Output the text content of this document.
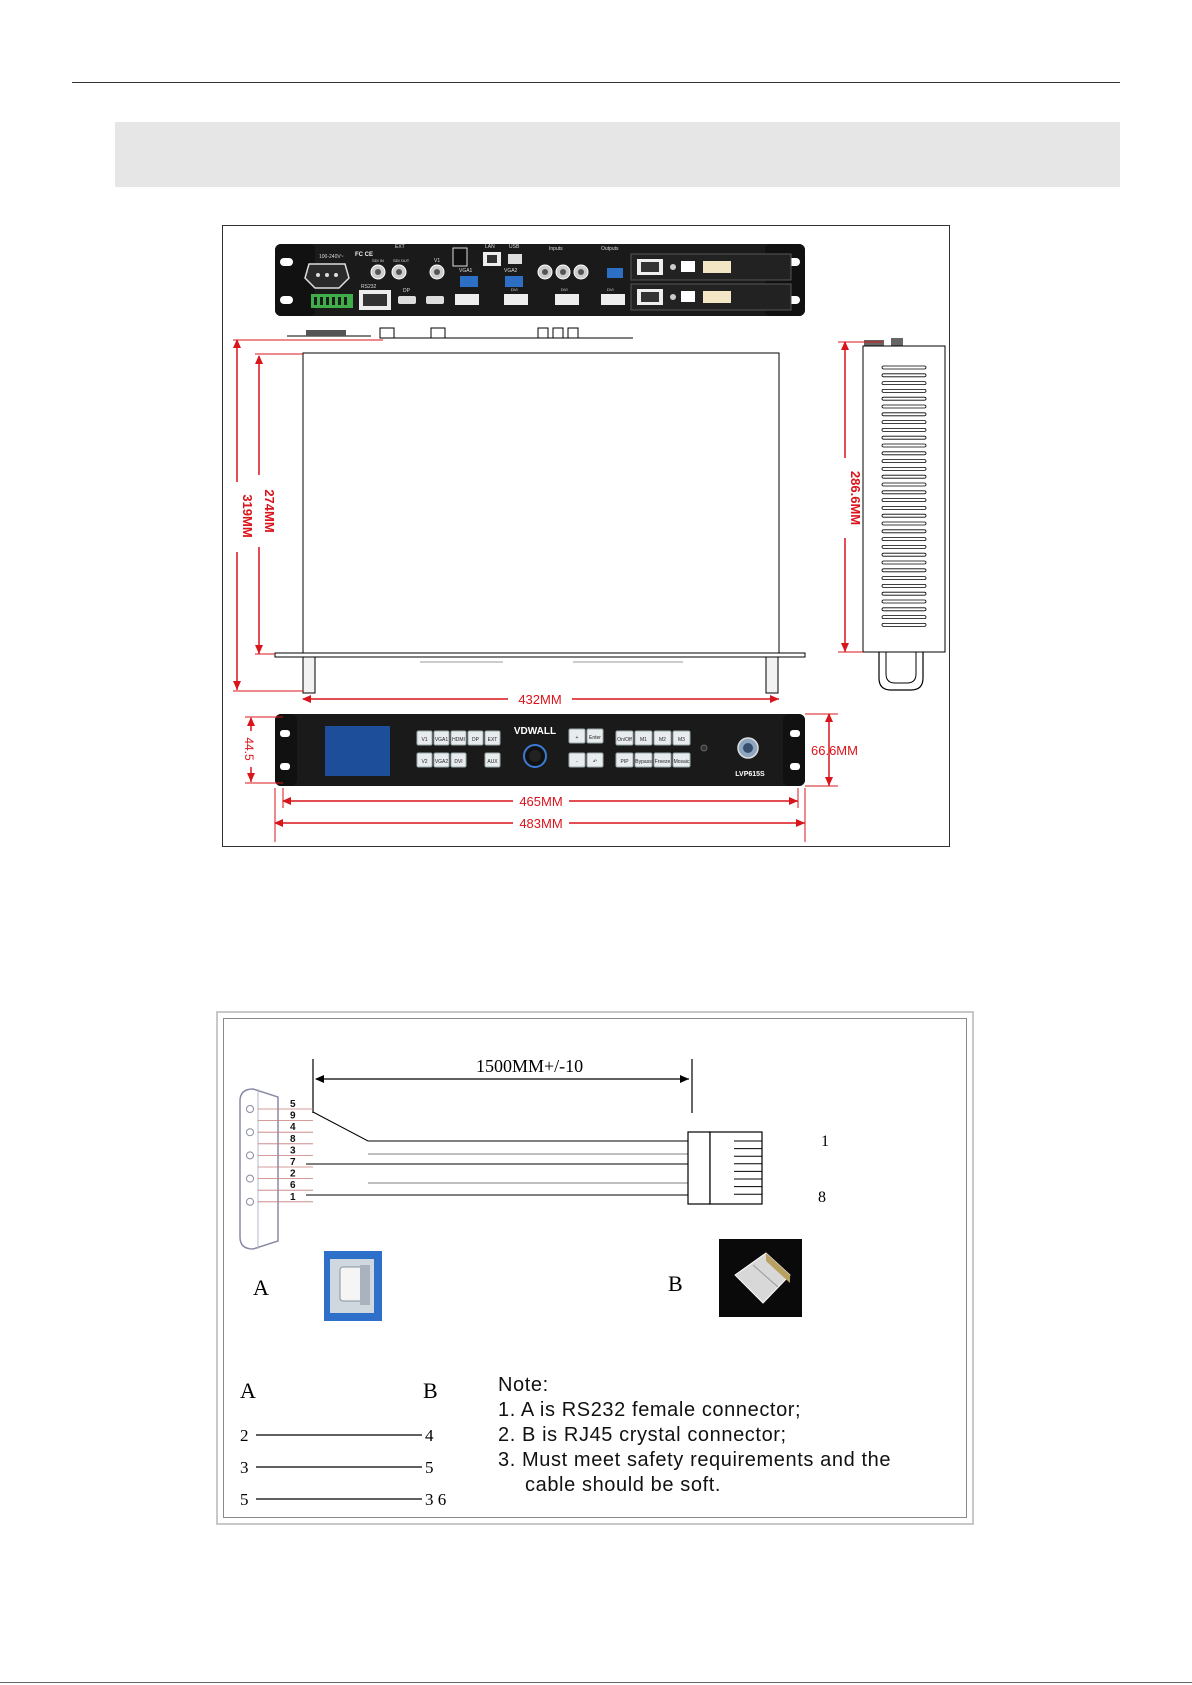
100-240V~ FC CE
RS232
EXT
SDI IN SDI OUT	V1
DP
LAN	USB
VGA1	VGA2
DVI	DVI	DVI
Inputs	Outputs
319MM 274MM
432MM
286.6MM
V1 VGA1 HDMI DP EXT
V2 VGA2 DVI	AUX
+ Enter
-	↶
On/Off M1 M2 M3
PIP Bypass Freeze Mosaic
VDWALL
LVP615S
44.5	66.6MM
465MM
483MM
1500MM+/-10
5
9
4
8
3
7
2
6
1
1
8
A	B
A	B
2	4
3	5
5	3 6
Note:
1. A is RS232 female connector;
2. B is RJ45 crystal connector;
3. Must meet safety requirements and the
cable should be soft.
